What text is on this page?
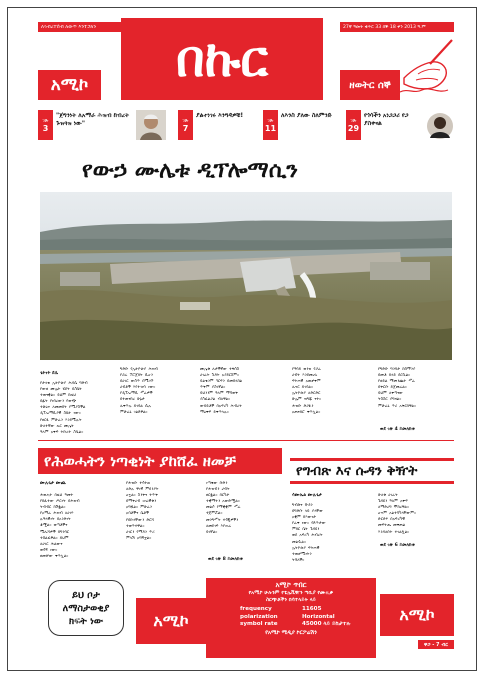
ለኅብረተሰብ ለውጥ እንተጋለን
አሚኮ	በኩር
27ኛ ዓመት ቁጥር 33 ሰኞ 18 ቀን 2013 ዓ.ም
ዘወትር ሰኞ
ገጽ
3
"ጀግንነት ለአማራ ሕዝብ ከብረት ጉዝጓዝ ነው"	ገጽ
7
ያልተነገሩ እንግዳዎቹ!
ገጽ
11
ለእንስ ያለው ስለምንድ
ገጽ
29
የጎሳችን አነጋጋሪ የጋ ያስቀናል
የውኃ ሙሌቱ ዲፕሎማሲን
ጌትነት ደሴ
የታላቁ ኢትዮጵያ ሕዳሴ ግድብ
የውኃ ሙሌት ሂደት በስኬት
ተጠናቋል። ይህም ከዚህ
በፊት የነበረውን የውጭ
ተጽዕኖ ለመመከት የሚያስችል
ዲፕሎማሲያዊ ስኬት ነው።
የዘርፉ ምሁራን እንደሚሉት
ሁለተኛው ዙር ሙሌት
ዓለም አቀፍ ትኩረት ስቧል።
ግድቡ የኢትዮጵያ ሕዝብ
የጋራ ፕሮጀክት ሲሆን
በሀገር ውስጥ በሚገኙ
ሀብቶች እየተገነባ ነው።
የዲፕሎማሲ ሥራዎች
በተጠናከረ ሁኔታ
ሊቀጥሉ ይገባል ሲሉ
ምሁራኑ ገልጸዋል።
ሙሌቱ ለታችኛው ተፋሰስ
ሀገራት ጉዳት አያደርስም።
ይልቁንም ጎርፍን በመከላከል
ጥቅም ያስገኛል።
ይህንንም ዓለም ማሳወቅ
ያስፈልጋል ብለዋል።
ውይይቶች በአፍሪካ ሕብረት
ማዕቀፍ ይቀጥላሉ።
የዓባይ ወንዝ የጋራ
ሀብት እንደመሆኑ
ፍትሐዊ አጠቃቀም
ሊኖር ይገባል።
ኢትዮጵያ ለድርድር
ሁሌም ዝግጁ ናት።
ሕዝቡ ድጋፉን
አጠናክሮ ቀጥሏል።
የግድቡ ግንባታ ከሰማንያ
በመቶ በላይ ደርሷል።
የኃይል ማመንጨት ሥራ
በቅርቡ ይጀመራል።
ይህም ለቀጣናው
ትስስር ያግዛል።
ምሁራኑ ጥሪ አቅርበዋል።
ወደ ገጽ 4 ይመለከቱ
የሕወሓትን ነጣቂነት ያከሸፈ ዘመቻ
ሙሉጌታ ሙጨ
ሕወሓት በዚህ ዓመት
የከፈተው ጦርነት በሕዝብ
ትብብር ከሽፏል።
የአማራ ሕዝብ ለሀገሩ
ሉዓላዊነት በአንድነት
ቆሟል። ወጣቶችና
ሚሊሻዎች በግንባር
ተሰልፈዋል። ይህም
ለሀገር ሕልውና
ወሳኝ ነው።
ዘመቻው ቀጥሏል።
የሕዝቡ ተሳትፎ
ለድሉ ዋነኛ ምክንያት
ሆኗል። ስንቅና ትጥቅ
በማቅረብ ሠራዊቱን
አግዟል። ምሁራን
አባቶችና ሴቶች
የበኩላቸውን ድርሻ
ተወጥተዋል።
ሀገርን የማዳን ጥሪ
ምላሽ አግኝቷል።
ነጣቂው ቡድን
የሕዝብን ሀብት
ዘርፏል። በርካታ
ተቋማትን አውድሟል።
መልሶ የማቋቋም ሥራ
ተጀምሯል።
መንግሥት ተጎጂዎችን
ለመደገፍ እየሠራ
ይገኛል።
ወደ ገጽ 8 ይመለከቱ
የግብጽ እና ሱዳን ቅዥት
ሳሙኤል ሙሉጌታ
ግብጽና ሱዳን
በግድቡ ላይ ያላቸው
አቋም ከእውነታ
የራቀ ነው። የጸጥታው
ምክር ቤት ጉዳዩን
ወደ አፍሪካ ሕብረት
መልሷል።
ኢትዮጵያ ፍትሐዊ
ተጠቃሚነትን
ትሻለች።
ሁለቱ ሀገራት
ጉዳዩን ዓለም አቀፍ
ለማድረግ ሞክረዋል።
ሆኖም አልተሳካላቸውም።
ድርድሩ በአፍሪካዊ
መፍትሔ መቀጠል
እንዳለበት ተገልጿል።
ወደ ገጽ 6 ይመለከቱ
ይህ ቦታ
ለማስታወቂያ
ክፍት ነው	አሚኮ
አሚኮ ጥበር
የአሚኮ ሁሉንም የቴሌቪዥን ጣቢያ የሙዚቃ
ስርጭቶችን በሳተላይት ላይ
frequency	11605
polarization	Horizontal
symbol rate	45000 ላይ ይከታተሉ
የአሚኮ ሚዲያ ኮርፖሬሽን
አሚኮ
ዋጋ - 7 ብር
